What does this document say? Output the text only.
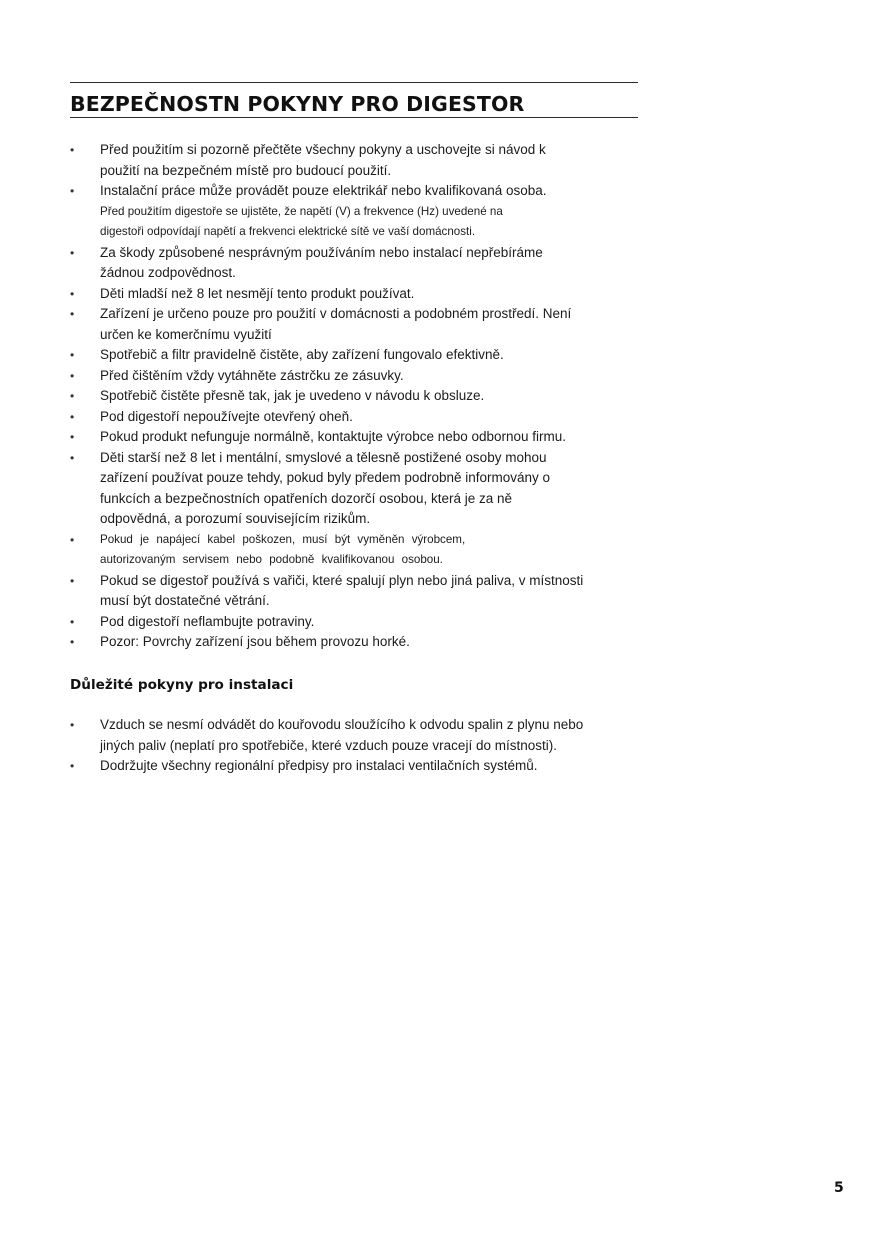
BEZPEČNOSTN POKYNY PRO DIGESTOR
• Před použitím si pozorně přečtěte všechny pokyny a uschovejte si návod k
použití na bezpečném místě pro budoucí použití.
• Instalační práce může provádět pouze elektrikář nebo kvalifikovaná osoba.
Před použitím digestoře se ujistěte, že napětí (V) a frekvence (Hz) uvedené na
digestoři odpovídají napětí a frekvenci elektrické sítě ve vaší domácnosti.
• Za škody způsobené nesprávným používáním nebo instalací nepřebíráme
žádnou zodpovědnost.
• Děti mladší než 8 let nesmějí tento produkt používat.
• Zařízení je určeno pouze pro použití v domácnosti a podobném prostředí. Není
určen ke komerčnímu využití
• Spotřebič a filtr pravidelně čistěte, aby zařízení fungovalo efektivně.
• Před čištěním vždy vytáhněte zástrčku ze zásuvky.
• Spotřebič čistěte přesně tak, jak je uvedeno v návodu k obsluze.
• Pod digestoří nepoužívejte otevřený oheň.
• Pokud produkt nefunguje normálně, kontaktujte výrobce nebo odbornou firmu.
• Děti starší než 8 let i mentální, smyslové a tělesně postižené osoby mohou
zařízení používat pouze tehdy, pokud byly předem podrobně informovány o
funkcích a bezpečnostních opatřeních dozorčí osobou, která je za ně
odpovědná, a porozumí souvisejícím rizikům.
• Pokud je napájecí kabel poškozen, musí být vyměněn výrobcem,
autorizovaným servisem nebo podobně kvalifikovanou osobou.
• Pokud se digestoř používá s vařiči, které spalují plyn nebo jiná paliva, v místnosti
musí být dostatečné větrání.
• Pod digestoří neflambujte potraviny.
• Pozor: Povrchy zařízení jsou během provozu horké.
Důležité pokyny pro instalaci
• Vzduch se nesmí odvádět do kouřovodu sloužícího k odvodu spalin z plynu nebo
jiných paliv (neplatí pro spotřebiče, které vzduch pouze vracejí do místnosti).
• Dodržujte všechny regionální předpisy pro instalaci ventilačních systémů.
5
